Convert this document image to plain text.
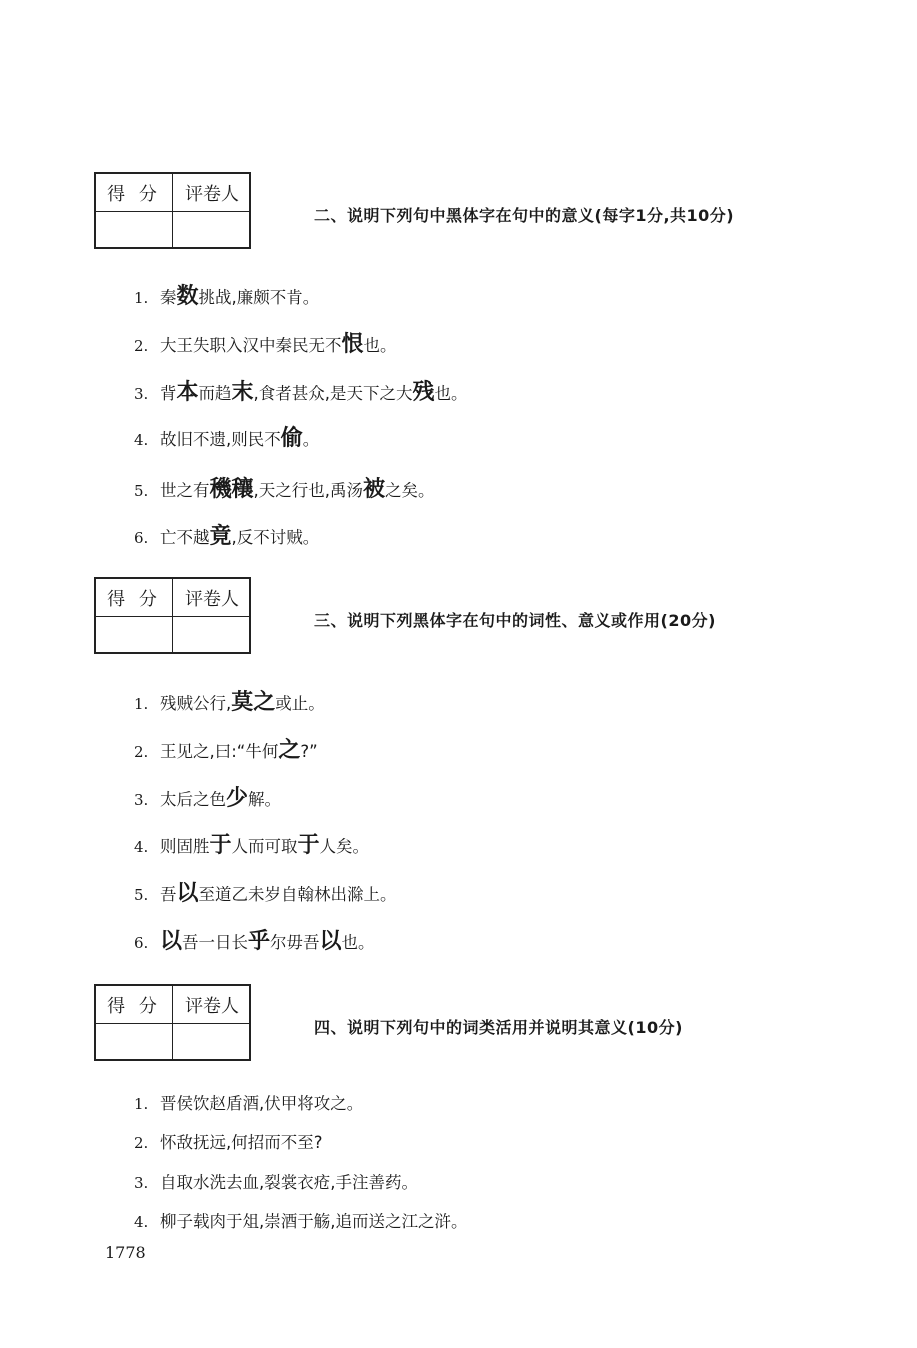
得 分	评卷人
二、说明下列句中黑体字在句中的意义(每字1分,共10分)
得 分	评卷人
三、说明下列黑体字在句中的词性、意义或作用(20分)
得 分	评卷人
四、说明下列句中的词类活用并说明其意义(10分)
1778
1. 秦数挑战,廉颇不肯。
2. 大王失职入汉中秦民无不恨也。
3. 背本而趋末,食者甚众,是天下之大残也。
4. 故旧不遗,则民不偷。
5. 世之有穖穰,天之行也,禹汤被之矣。
6. 亡不越竟,反不讨贼。
1. 残贼公行,莫之或止。
2. 王见之,曰:“牛何之?”
3. 太后之色少解。
4. 则固胜于人而可取于人矣。
5. 吾以至道乙未岁自翰林出滁上。
6. 以吾一日长乎尔毋吾以也。
1. 晋侯饮赵盾酒,伏甲将攻之。
2. 怀敌抚远,何招而不至?
3. 自取水洗去血,裂裳衣疮,手注善药。
4. 柳子载肉于俎,崇酒于觞,追而送之江之浒。
